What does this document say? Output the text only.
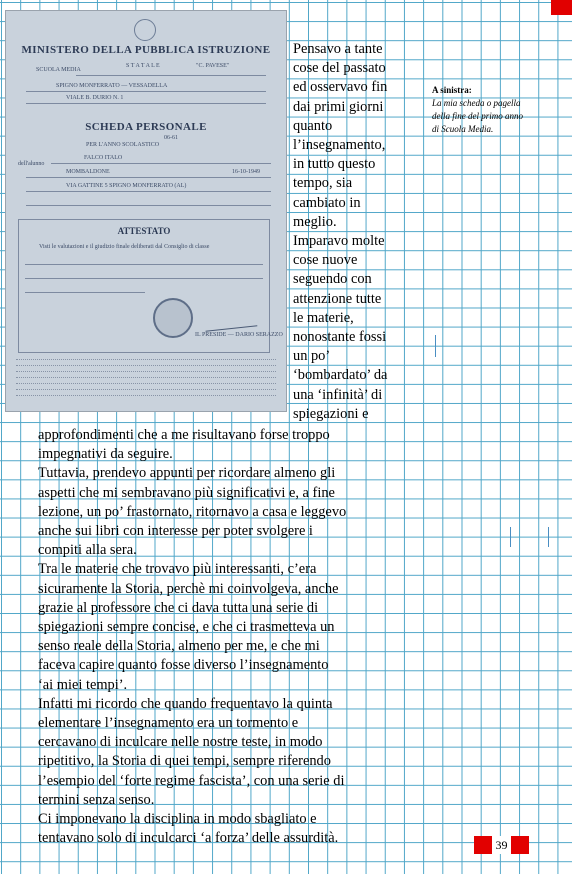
MINISTERO DELLA PUBBLICA ISTRUZIONE
SCUOLA MEDIA
S T A T A L E	"C. PAVESE"
SPIGNO MONFERRATO — VESSADELLA
VIALE B. DURIO N. 1
SCHEDA PERSONALE
06-61
PER L'ANNO SCOLASTICO
dell'alunno
FALCO ITALO
MOMBALDONE	16-10-1949
VIA GATTINE 5 SPIGNO MONFERRATO (AL)
ATTESTATO
Visti le valutazioni e il giudizio finale deliberati dal Consiglio di classe
IL PRESIDE — DARIO SERAZZO
Pensavo a tante
cose del passato
ed osservavo fin
dai primi giorni
quanto
l’insegnamento,
in tutto questo
tempo, sia
cambiato in
meglio.
Imparavo molte
cose nuove
seguendo con
attenzione tutte
le materie,
nonostante fossi
un po’
‘bombardato’ da
una ‘infinità’ di
spiegazioni e
A sinistra:
La mia scheda o pagella
della fine del primo anno
di Scuola Media.
approfondimenti che a me risultavano forse troppo
impegnativi da seguire.
Tuttavia, prendevo appunti per ricordare almeno gli
aspetti che mi sembravano più significativi e, a fine
lezione, un po’ frastornato, ritornavo a casa e leggevo
anche sui libri con interesse per poter svolgere i
compiti alla sera.
Tra le materie che trovavo più interessanti, c’era
sicuramente la Storia, perchè mi coinvolgeva, anche
grazie al professore che ci dava tutta una serie di
spiegazioni sempre concise, e che ci trasmetteva un
senso reale della Storia, almeno per me, e che mi
faceva capire quanto fosse diverso l’insegnamento
‘ai miei tempi’.
Infatti mi ricordo che quando frequentavo la quinta
elementare l’insegnamento era un tormento e
cercavano di inculcare nelle nostre teste, in modo
ripetitivo, la Storia di quei tempi, sempre riferendo
l’esempio del ‘forte regime fascista’, con una serie di
termini senza senso.
Ci imponevano la disciplina in modo sbagliato e
tentavano solo di inculcarci ‘a forza’ delle assurdità.	39
